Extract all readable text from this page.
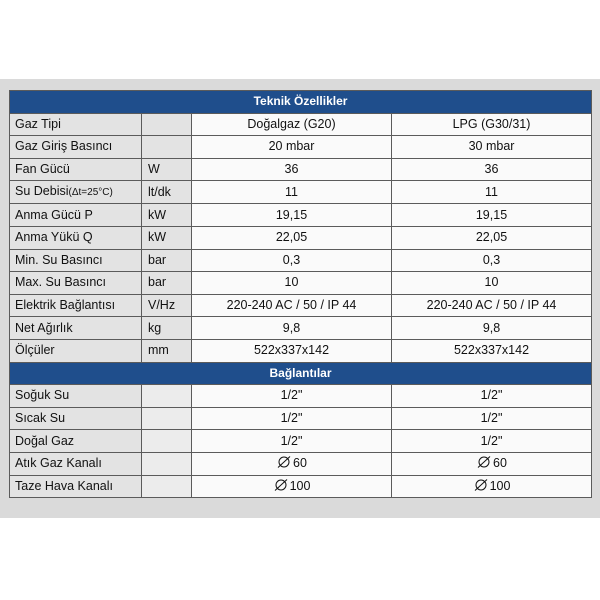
Teknik Özellikler			
Gaz Tipi		Doğalgaz (G20)	LPG (G30/31)
Gaz Giriş Basıncı		20 mbar	30 mbar
Fan Gücü	W	36	36
Su Debisi(Δt=25°C)	lt/dk	11	11
Anma Gücü P	kW	19,15	19,15
Anma Yükü Q	kW	22,05	22,05
Min. Su Basıncı	bar	0,3	0,3
Max. Su Basıncı	bar	10	10
Elektrik Bağlantısı	V/Hz	220-240 AC / 50 / IP 44	220-240 AC / 50 / IP 44
Net Ağırlık	kg	9,8	9,8
Ölçüler	mm	522x337x142	522x337x142
Bağlantılar			
Soğuk Su		1/2"	1/2"
Sıcak Su		1/2"	1/2"
Doğal Gaz		1/2"	1/2"
Atık Gaz Kanalı		60	60
Taze Hava Kanalı		100	100
